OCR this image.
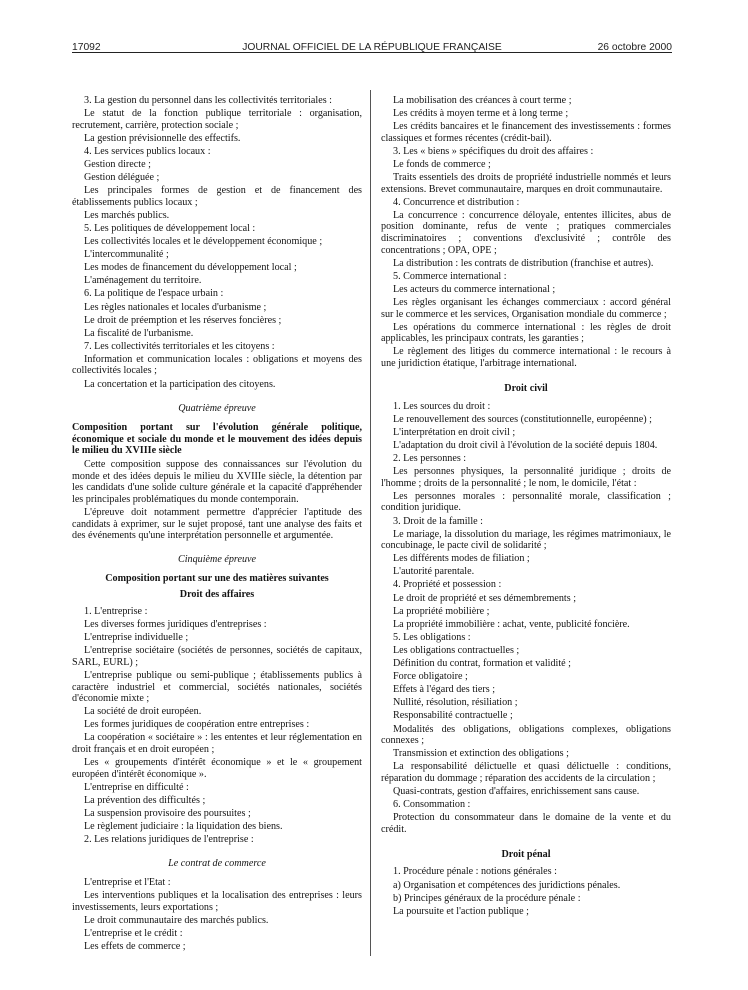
17092	JOURNAL OFFICIEL DE LA RÉPUBLIQUE FRANÇAISE	26 octobre 2000

3. La gestion du personnel dans les collectivités territoriales :

Le statut de la fonction publique territoriale : organisation, recrutement, carrière, protection sociale ;

La gestion prévisionnelle des effectifs.

4. Les services publics locaux :

Gestion directe ;

Gestion déléguée ;

Les principales formes de gestion et de financement des établissements publics locaux ;

Les marchés publics.

5. Les politiques de développement local :

Les collectivités locales et le développement économique ;

L'intercommunalité ;

Les modes de financement du développement local ;

L'aménagement du territoire.

6. La politique de l'espace urbain :

Les règles nationales et locales d'urbanisme ;

Le droit de préemption et les réserves foncières ;

La fiscalité de l'urbanisme.

7. Les collectivités territoriales et les citoyens :

Information et communication locales : obligations et moyens des collectivités locales ;

La concertation et la participation des citoyens.

Quatrième épreuve

Composition portant sur l'évolution générale politique, économique et sociale du monde et le mouvement des idées depuis le milieu du XVIIIe siècle

Cette composition suppose des connaissances sur l'évolution du monde et des idées depuis le milieu du XVIIIe siècle, la détention par les candidats d'une solide culture générale et la capacité d'appréhender les principales problématiques du monde contemporain.

L'épreuve doit notamment permettre d'apprécier l'aptitude des candidats à exprimer, sur le sujet proposé, tant une analyse des faits et des événements qu'une interprétation personnelle et argumentée.

Cinquième épreuve
Composition portant sur une des matières suivantes
Droit des affaires

1. L'entreprise :

Les diverses formes juridiques d'entreprises :

L'entreprise individuelle ;

L'entreprise sociétaire (sociétés de personnes, sociétés de capitaux, SARL, EURL) ;

L'entreprise publique ou semi-publique ; établissements publics à caractère industriel et commercial, sociétés nationales, sociétés d'économie mixte ;

La société de droit européen.

Les formes juridiques de coopération entre entreprises :

La coopération « sociétaire » : les ententes et leur réglementation en droit français et en droit européen ;

Les « groupements d'intérêt économique » et le « groupement européen d'intérêt économique ».

L'entreprise en difficulté :

La prévention des difficultés ;

La suspension provisoire des poursuites ;

Le règlement judiciaire : la liquidation des biens.

2. Les relations juridiques de l'entreprise :

Le contrat de commerce

L'entreprise et l'Etat :

Les interventions publiques et la localisation des entreprises : leurs investissements, leurs exportations ;

Le droit communautaire des marchés publics.

L'entreprise et le crédit :

Les effets de commerce ;

La mobilisation des créances à court terme ;

Les crédits à moyen terme et à long terme ;

Les crédits bancaires et le financement des investissements : formes classiques et formes récentes (crédit-bail).

3. Les « biens » spécifiques du droit des affaires :

Le fonds de commerce ;

Traits essentiels des droits de propriété industrielle nommés et leurs extensions. Brevet communautaire, marques en droit communautaire.

4. Concurrence et distribution :

La concurrence : concurrence déloyale, ententes illicites, abus de position dominante, refus de vente ; pratiques commerciales discriminatoires ; conventions d'exclusivité ; contrôle des concentrations ; OPA, OPE ;

La distribution : les contrats de distribution (franchise et autres).

5. Commerce international :

Les acteurs du commerce international ;

Les règles organisant les échanges commerciaux : accord général sur le commerce et les services, Organisation mondiale du commerce ;

Les opérations du commerce international : les règles de droit applicables, les principaux contrats, les garanties ;

Le règlement des litiges du commerce international : le recours à une juridiction étatique, l'arbitrage international.

Droit civil

1. Les sources du droit :

Le renouvellement des sources (constitutionnelle, européenne) ;

L'interprétation en droit civil ;

L'adaptation du droit civil à l'évolution de la société depuis 1804.

2. Les personnes :

Les personnes physiques, la personnalité juridique ; droits de l'homme ; droits de la personnalité ; le nom, le domicile, l'état :

Les personnes morales : personnalité morale, classification ; condition juridique.

3. Droit de la famille :

Le mariage, la dissolution du mariage, les régimes matrimoniaux, le concubinage, le pacte civil de solidarité ;

Les différents modes de filiation ;

L'autorité parentale.

4. Propriété et possession :

Le droit de propriété et ses démembrements ;

La propriété mobilière ;

La propriété immobilière : achat, vente, publicité foncière.

5. Les obligations :

Les obligations contractuelles ;

Définition du contrat, formation et validité ;

Force obligatoire ;

Effets à l'égard des tiers ;

Nullité, résolution, résiliation ;

Responsabilité contractuelle ;

Modalités des obligations, obligations complexes, obligations connexes ;

Transmission et extinction des obligations ;

La responsabilité délictuelle et quasi délictuelle : conditions, réparation du dommage ; réparation des accidents de la circulation ;

Quasi-contrats, gestion d'affaires, enrichissement sans cause.

6. Consommation :

Protection du consommateur dans le domaine de la vente et du crédit.

Droit pénal

1. Procédure pénale : notions générales :

a) Organisation et compétences des juridictions pénales.

b) Principes généraux de la procédure pénale :

La poursuite et l'action publique ;
